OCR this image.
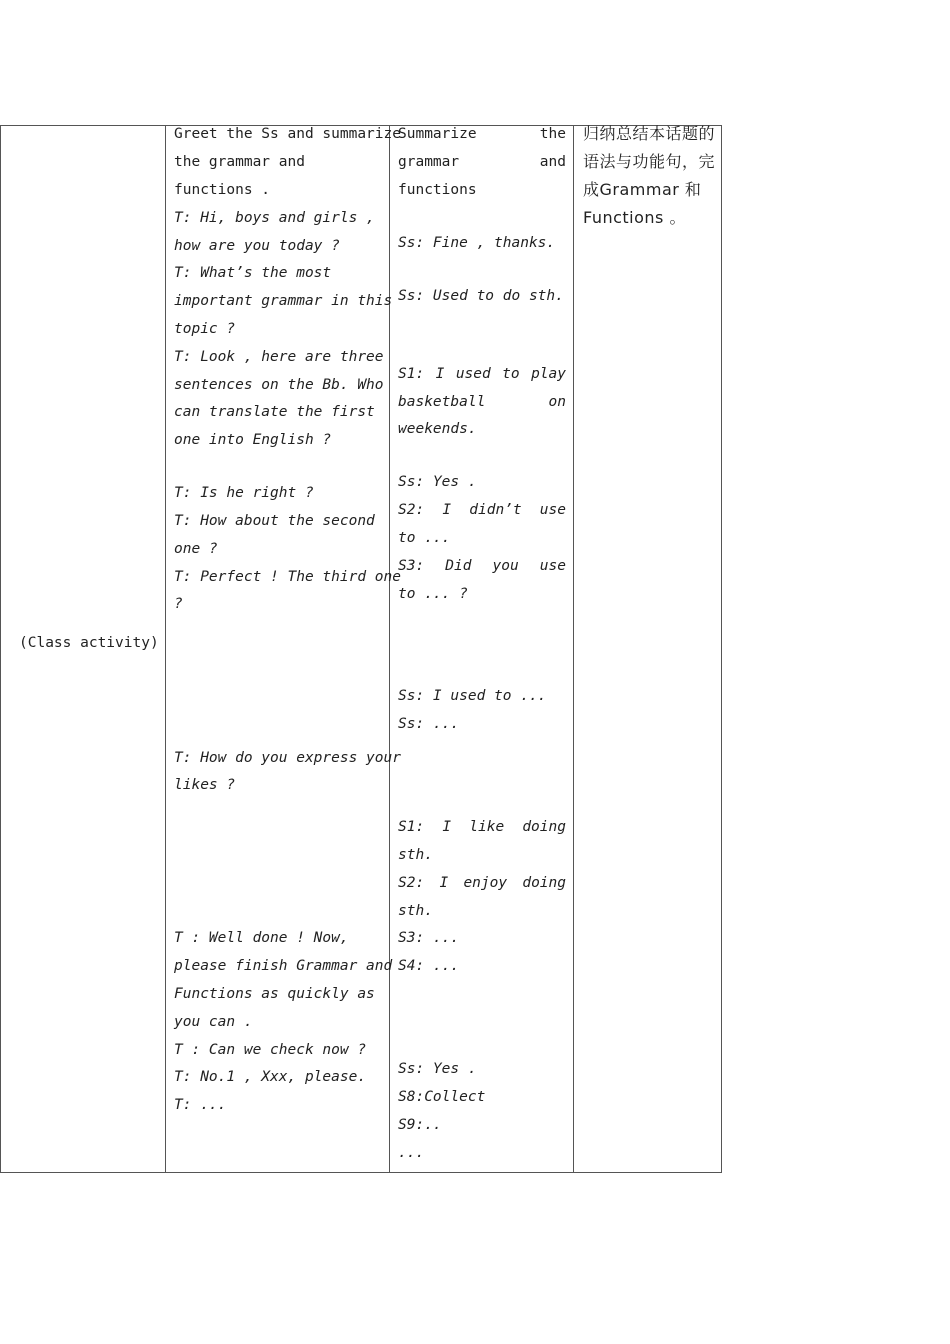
(Class activity)
Greet the Ss and summarize
the grammar and
functions .
T: Hi, boys and girls ,
how are you today ?
T: What’s the most
important grammar in this
topic ?
T: Look , here are three
sentences on the Bb. Who
can translate the first
one into English ?
T: Is he right ?
T: How about the second
one ?
T: Perfect ! The third one
?
T: How do you express your
likes ?
T : Well done ! Now,
please finish Grammar and
Functions as quickly as
you can .
T : Can we check now ?
T: No.1 , Xxx, please.
T: ...
Summarize	the
grammar	and
functions
Ss: Fine , thanks.
Ss: Used to do sth.
S1: I used to play
basketball	on
weekends.
Ss: Yes .
S2: I didn’t use
to ...
S3: Did you use
to ... ?
Ss: I used to ...
Ss: ...
S1: I like doing
sth.
S2: I enjoy doing
sth.
S3: ...
S4: ...
Ss: Yes .
S8:Collect
S9:..
...
归纳总结本话题的
语法与功能句，完
成Grammar 和
Functions 。
